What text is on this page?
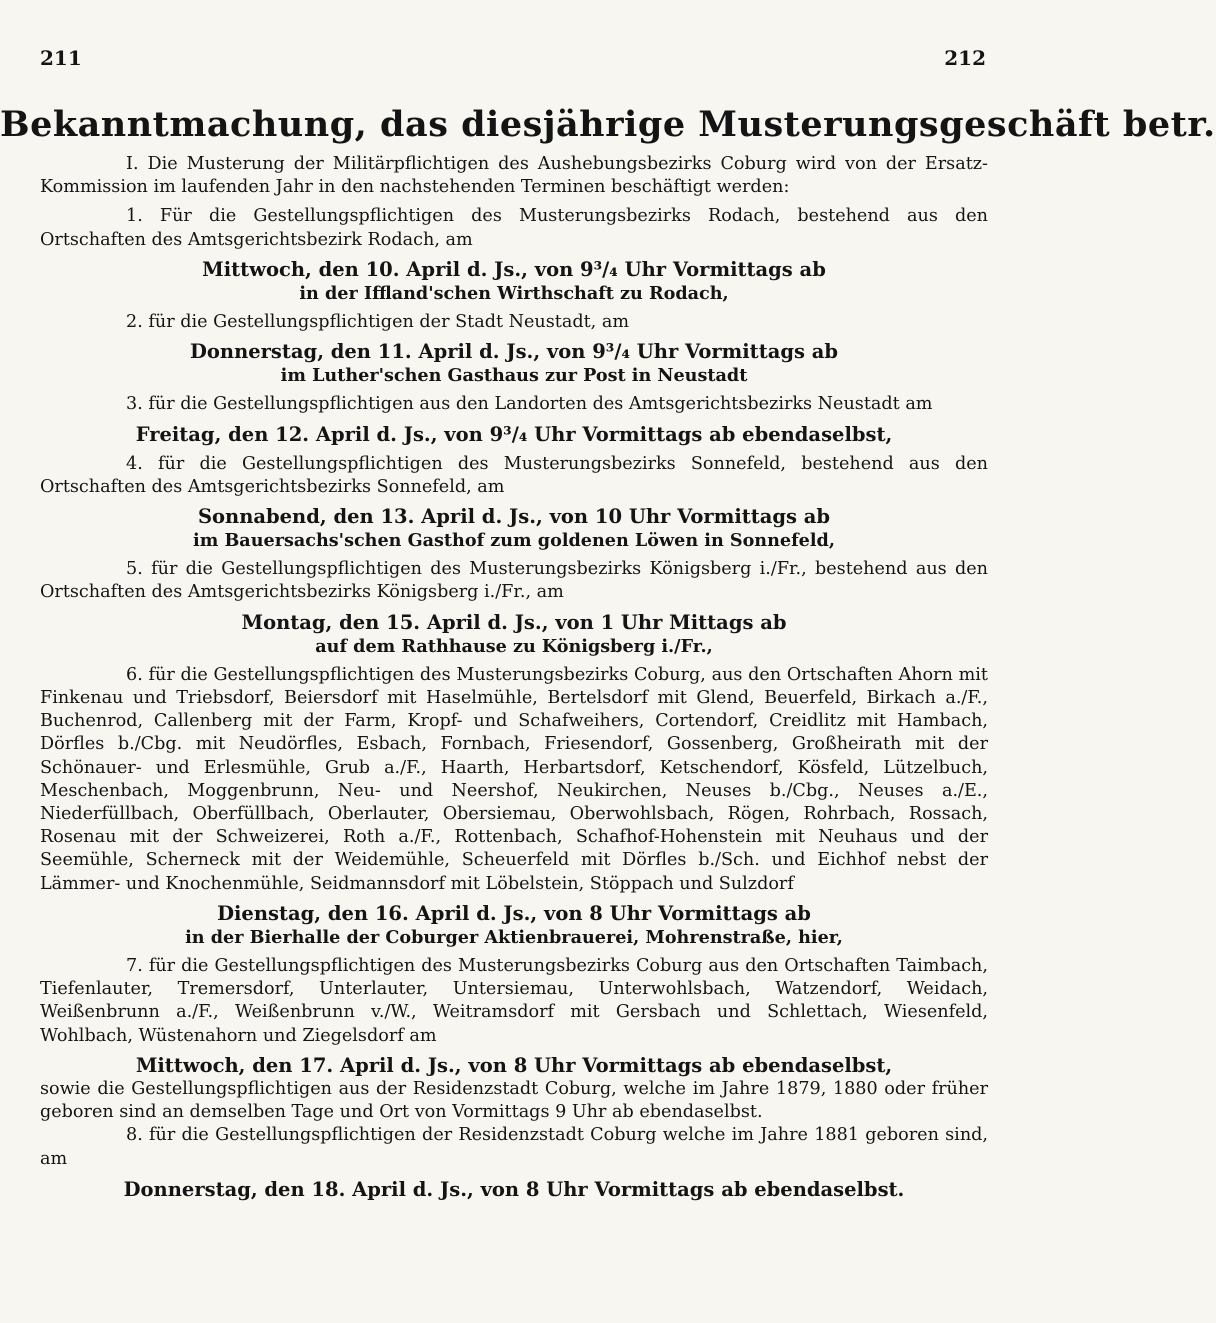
211	212
Bekanntmachung, das diesjährige Musterungsgeschäft betr.

I. Die Musterung der Militärpflichtigen des Aushebungsbezirks Coburg wird von der Ersatz-Kommission im laufenden Jahr in den nachstehenden Terminen beschäftigt werden:

1. Für die Gestellungspflichtigen des Musterungsbezirks Rodach, bestehend aus den Ortschaften des Amtsgerichtsbezirk Rodach, am

Mittwoch, den 10. April d. Js., von 9³/₄ Uhr Vormittags ab

in der Iffland'schen Wirthschaft zu Rodach,

2. für die Gestellungspflichtigen der Stadt Neustadt, am

Donnerstag, den 11. April d. Js., von 9³/₄ Uhr Vormittags ab

im Luther'schen Gasthaus zur Post in Neustadt

3. für die Gestellungspflichtigen aus den Landorten des Amtsgerichtsbezirks Neustadt am

Freitag, den 12. April d. Js., von 9³/₄ Uhr Vormittags ab ebendaselbst,

4. für die Gestellungspflichtigen des Musterungsbezirks Sonnefeld, bestehend aus den Ortschaften des Amtsgerichtsbezirks Sonnefeld, am

Sonnabend, den 13. April d. Js., von 10 Uhr Vormittags ab

im Bauersachs'schen Gasthof zum goldenen Löwen in Sonnefeld,

5. für die Gestellungspflichtigen des Musterungsbezirks Königsberg i./Fr., bestehend aus den Ortschaften des Amtsgerichtsbezirks Königsberg i./Fr., am

Montag, den 15. April d. Js., von 1 Uhr Mittags ab

auf dem Rathhause zu Königsberg i./Fr.,

6. für die Gestellungspflichtigen des Musterungsbezirks Coburg, aus den Ortschaften Ahorn mit Finkenau und Triebsdorf, Beiersdorf mit Haselmühle, Bertelsdorf mit Glend, Beuerfeld, Birkach a./F., Buchenrod, Callenberg mit der Farm, Kropf- und Schafweihers, Cortendorf, Creidlitz mit Hambach, Dörfles b./Cbg. mit Neudörfles, Esbach, Fornbach, Friesendorf, Gossenberg, Großheirath mit der Schönauer- und Erlesmühle, Grub a./F., Haarth, Herbartsdorf, Ketschendorf, Kösfeld, Lützelbuch, Meschenbach, Moggenbrunn, Neu- und Neershof, Neukirchen, Neuses b./Cbg., Neuses a./E., Niederfüllbach, Oberfüllbach, Oberlauter, Obersiemau, Oberwohlsbach, Rögen, Rohrbach, Rossach, Rosenau mit der Schweizerei, Roth a./F., Rottenbach, Schafhof-Hohenstein mit Neuhaus und der Seemühle, Scherneck mit der Weidemühle, Scheuerfeld mit Dörfles b./Sch. und Eichhof nebst der Lämmer- und Knochenmühle, Seidmannsdorf mit Löbelstein, Stöppach und Sulzdorf

Dienstag, den 16. April d. Js., von 8 Uhr Vormittags ab

in der Bierhalle der Coburger Aktienbrauerei, Mohrenstraße, hier,

7. für die Gestellungspflichtigen des Musterungsbezirks Coburg aus den Ortschaften Taimbach, Tiefenlauter, Tremersdorf, Unterlauter, Untersiemau, Unterwohlsbach, Watzendorf, Weidach, Weißenbrunn a./F., Weißenbrunn v./W., Weitramsdorf mit Gersbach und Schlettach, Wiesenfeld, Wohlbach, Wüstenahorn und Ziegelsdorf am

Mittwoch, den 17. April d. Js., von 8 Uhr Vormittags ab ebendaselbst,

sowie die Gestellungspflichtigen aus der Residenzstadt Coburg, welche im Jahre 1879, 1880 oder früher geboren sind an demselben Tage und Ort von Vormittags 9 Uhr ab ebendaselbst.

8. für die Gestellungspflichtigen der Residenzstadt Coburg welche im Jahre 1881 geboren sind, am

Donnerstag, den 18. April d. Js., von 8 Uhr Vormittags ab ebendaselbst.
